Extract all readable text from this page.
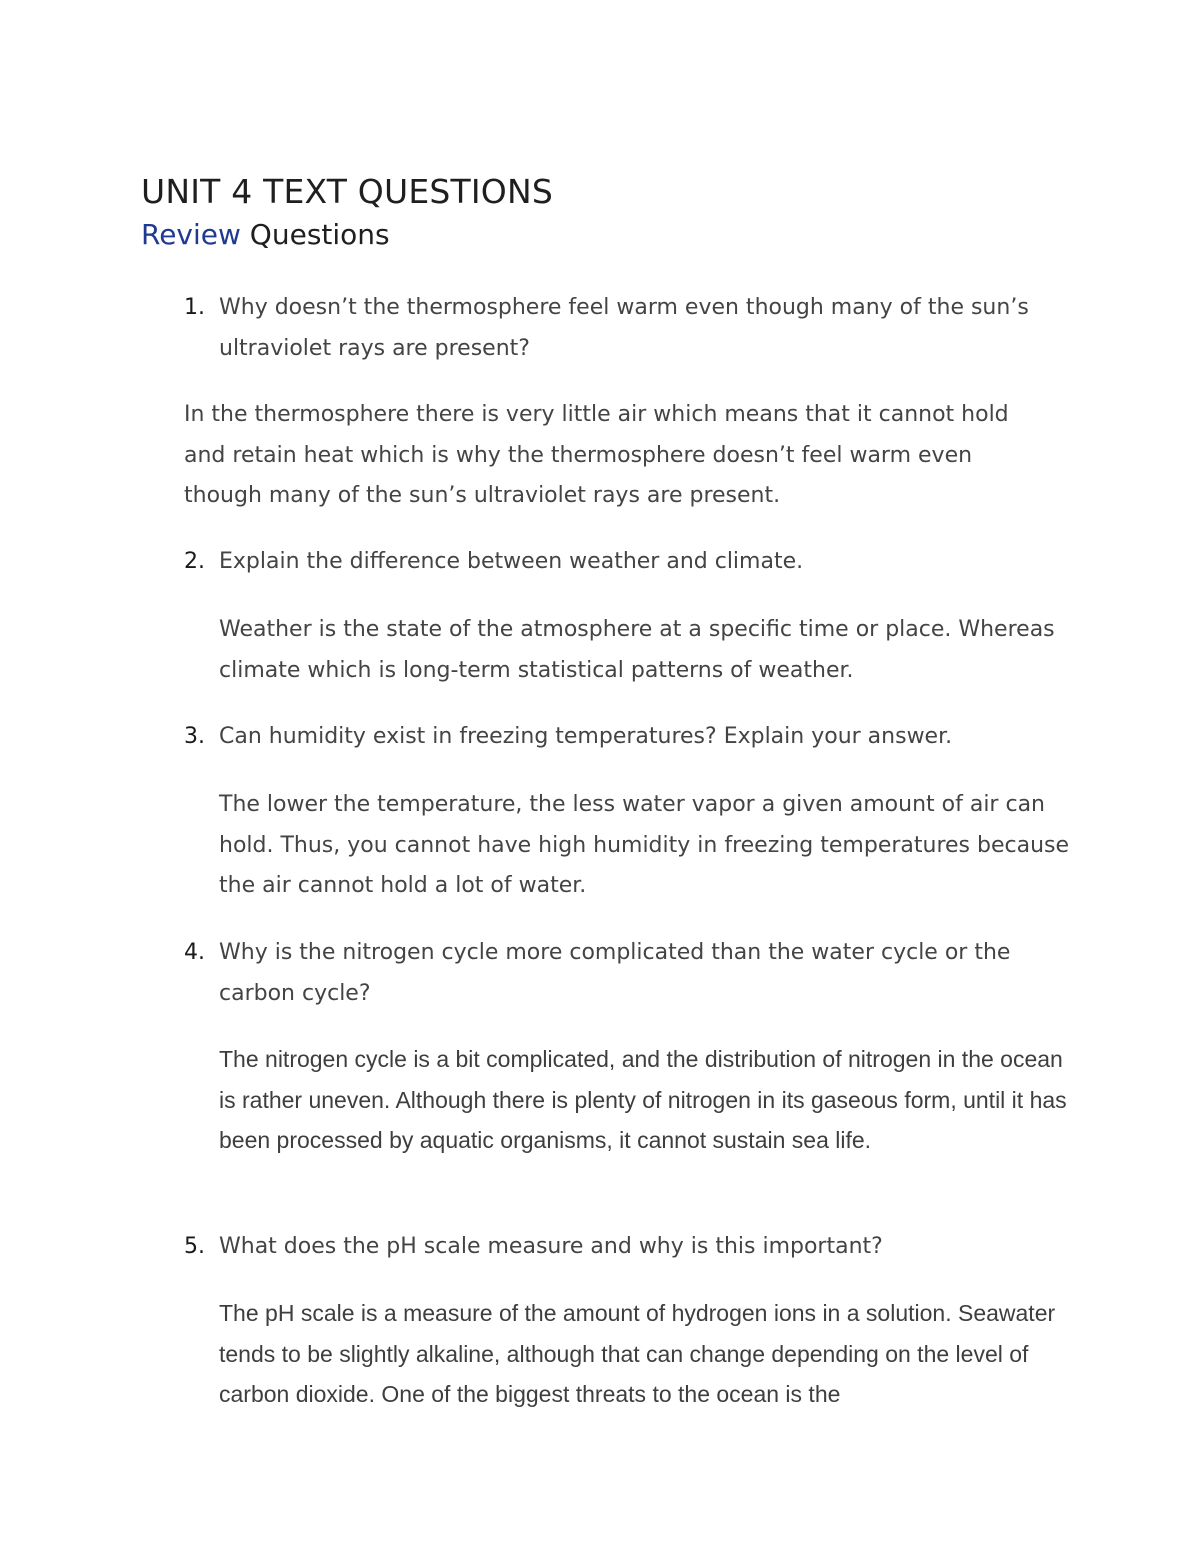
UNIT 4 TEXT QUESTIONS
Review Questions
1. Why doesn’t the thermosphere feel warm even though many of the sun’s ultraviolet rays are present?

In the thermosphere there is very little air which means that it cannot hold and retain heat which is why the thermosphere doesn’t feel warm even though many of the sun’s ultraviolet rays are present.

2. Explain the difference between weather and climate.

Weather is the state of the atmosphere at a specific time or place. Whereas climate which is long-term statistical patterns of weather.

3. Can humidity exist in freezing temperatures? Explain your answer.

The lower the temperature, the less water vapor a given amount of air can hold. Thus, you cannot have high humidity in freezing temperatures because the air cannot hold a lot of water.

4. Why is the nitrogen cycle more complicated than the water cycle or the carbon cycle?

The nitrogen cycle is a bit complicated, and the distribution of nitrogen in the ocean is rather uneven. Although there is plenty of nitrogen in its gaseous form, until it has been processed by aquatic organisms, it cannot sustain sea life.

5. What does the pH scale measure and why is this important?

The pH scale is a measure of the amount of hydrogen ions in a solution. Seawater tends to be slightly alkaline, although that can change depending on the level of carbon dioxide. One of the biggest threats to the ocean is the
